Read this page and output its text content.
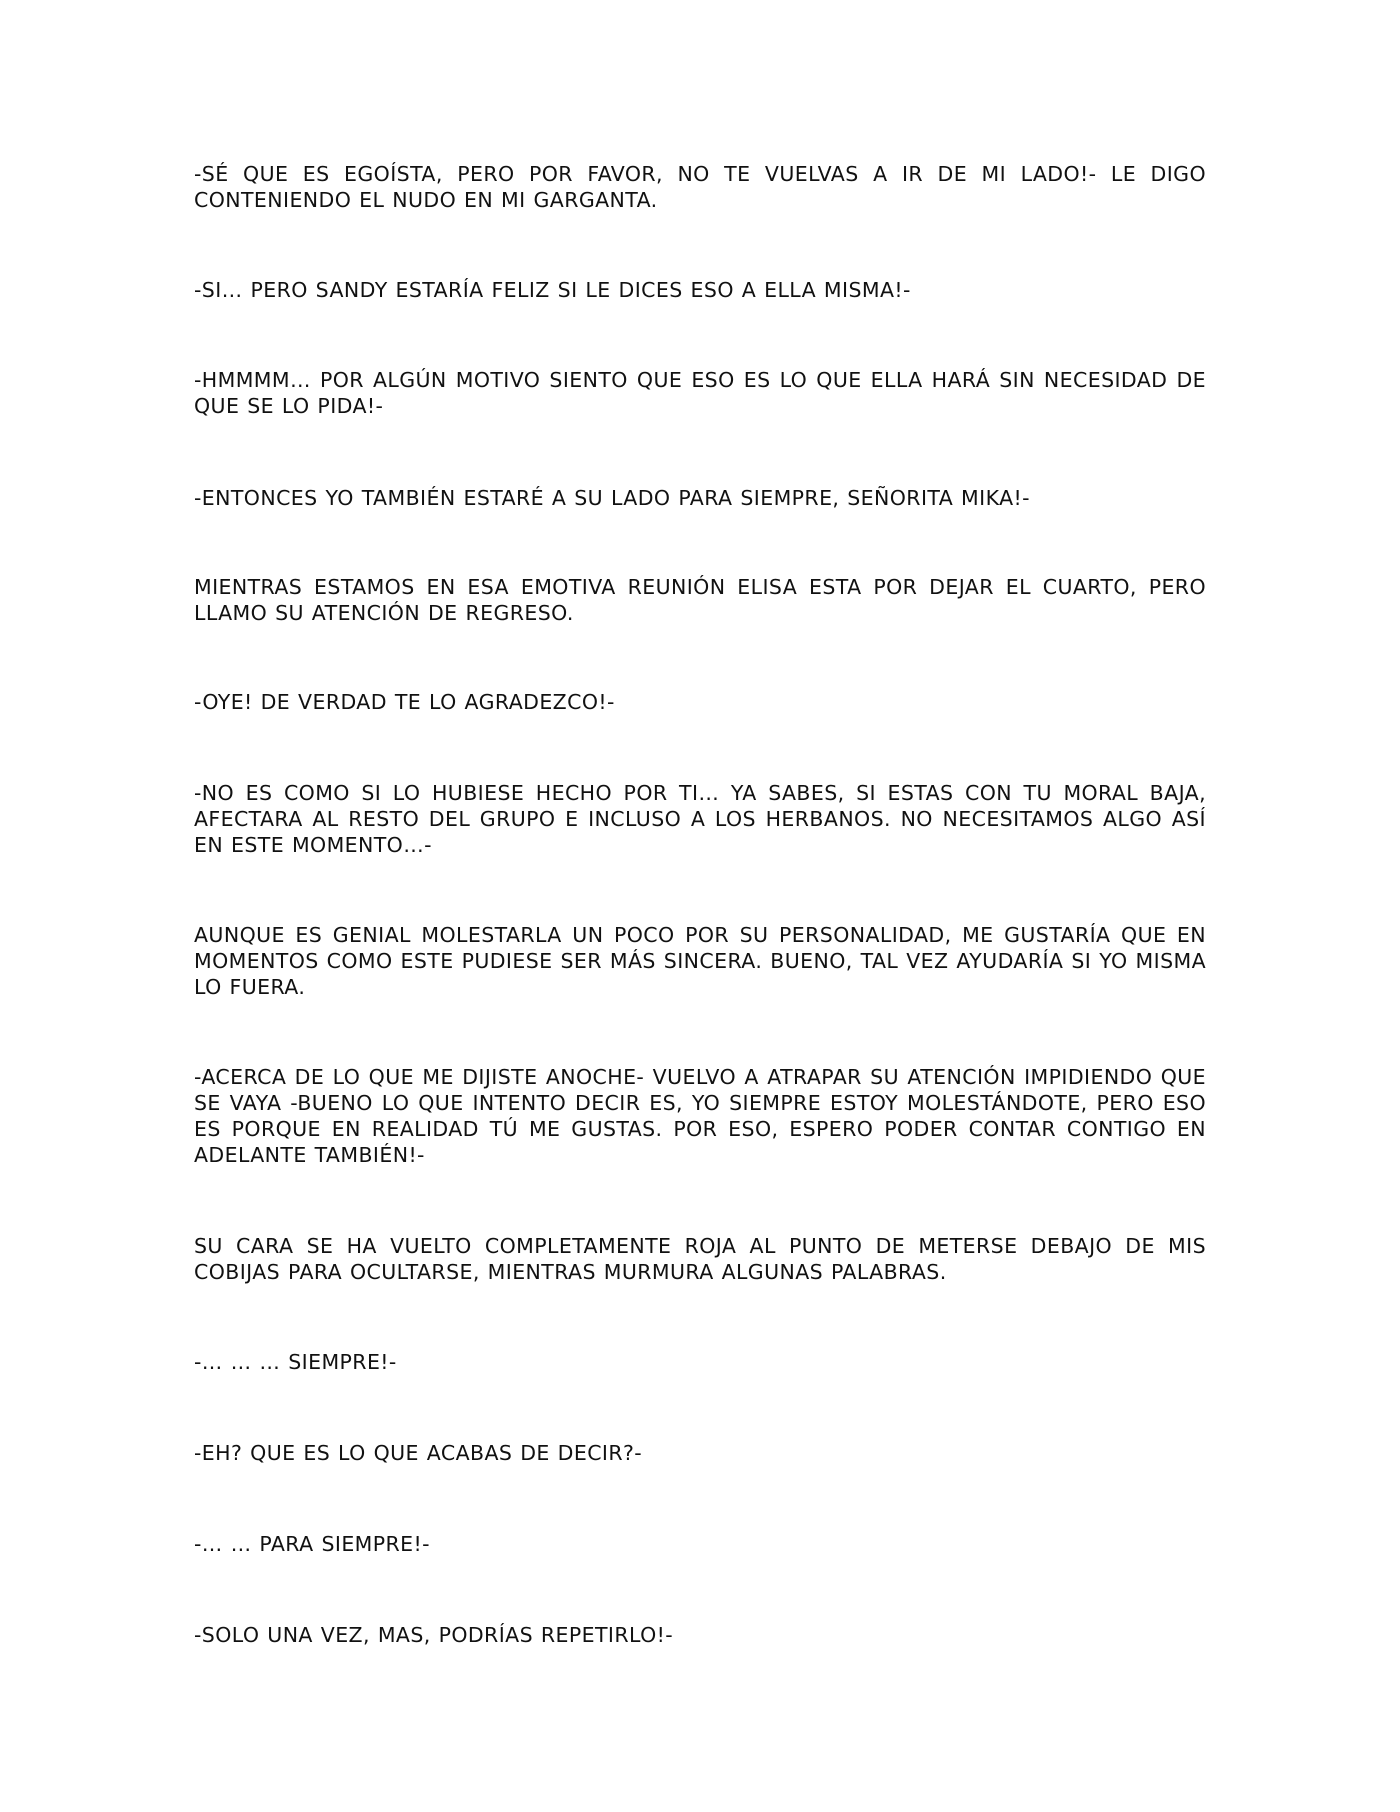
-SÉ QUE ES EGOÍSTA, PERO POR FAVOR, NO TE VUELVAS A IR DE MI LADO!- LE DIGO CONTENIENDO EL NUDO EN MI GARGANTA.

-SI… PERO SANDY ESTARÍA FELIZ SI LE DICES ESO A ELLA MISMA!-

-HMMMM… POR ALGÚN MOTIVO SIENTO QUE ESO ES LO QUE ELLA HARÁ SIN NECESIDAD DE QUE SE LO PIDA!-

-ENTONCES YO TAMBIÉN ESTARÉ A SU LADO PARA SIEMPRE, SEÑORITA MIKA!-

MIENTRAS ESTAMOS EN ESA EMOTIVA REUNIÓN ELISA ESTA POR DEJAR EL CUARTO, PERO LLAMO SU ATENCIÓN DE REGRESO.

-OYE! DE VERDAD TE LO AGRADEZCO!-

-NO ES COMO SI LO HUBIESE HECHO POR TI… YA SABES, SI ESTAS CON TU MORAL BAJA, AFECTARA AL RESTO DEL GRUPO E INCLUSO A LOS HERBANOS. NO NECESITAMOS ALGO ASÍ EN ESTE MOMENTO…-

AUNQUE ES GENIAL MOLESTARLA UN POCO POR SU PERSONALIDAD, ME GUSTARÍA QUE EN MOMENTOS COMO ESTE PUDIESE SER MÁS SINCERA. BUENO, TAL VEZ AYUDARÍA SI YO MISMA LO FUERA.

-ACERCA DE LO QUE ME DIJISTE ANOCHE- VUELVO A ATRAPAR SU ATENCIÓN IMPIDIENDO QUE SE VAYA -BUENO LO QUE INTENTO DECIR ES, YO SIEMPRE ESTOY MOLESTÁNDOTE, PERO ESO ES PORQUE EN REALIDAD TÚ ME GUSTAS. POR ESO, ESPERO PODER CONTAR CONTIGO EN ADELANTE TAMBIÉN!-

SU CARA SE HA VUELTO COMPLETAMENTE ROJA AL PUNTO DE METERSE DEBAJO DE MIS COBIJAS PARA OCULTARSE, MIENTRAS MURMURA ALGUNAS PALABRAS.

-… … … SIEMPRE!-

-EH? QUE ES LO QUE ACABAS DE DECIR?-

-… … PARA SIEMPRE!-

-SOLO UNA VEZ, MAS, PODRÍAS REPETIRLO!-
